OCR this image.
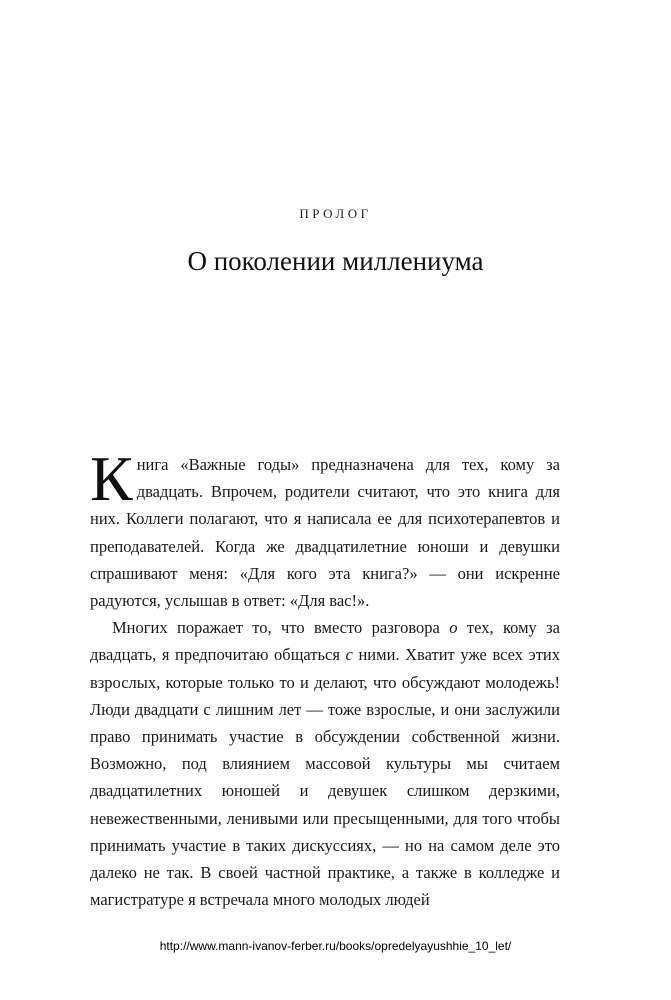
ПРОЛОГ
О поколении миллениума

Книга «Важные годы» предназначена для тех, кому за двадцать. Впрочем, родители считают, что это книга для них. Коллеги полагают, что я написала ее для психотерапевтов и преподавателей. Когда же двадцатилетние юноши и девушки спрашивают меня: «Для кого эта книга?» — они искренне радуются, услышав в ответ: «Для вас!».

Многих поражает то, что вместо разговора о тех, кому за двадцать, я предпочитаю общаться с ними. Хватит уже всех этих взрослых, которые только то и делают, что обсуждают молодежь! Люди двадцати с лишним лет — тоже взрослые, и они заслужили право принимать участие в обсуждении собственной жизни. Возможно, под влиянием массовой культуры мы считаем двадцатилетних юношей и девушек слишком дерзкими, невежественными, ленивыми или пресыщенными, для того чтобы принимать участие в таких дискуссиях, — но на самом деле это далеко не так. В своей частной практике, а также в колледже и магистратуре я встречала много молодых людей

http://www.mann-ivanov-ferber.ru/books/opredelyayushhie_10_let/
